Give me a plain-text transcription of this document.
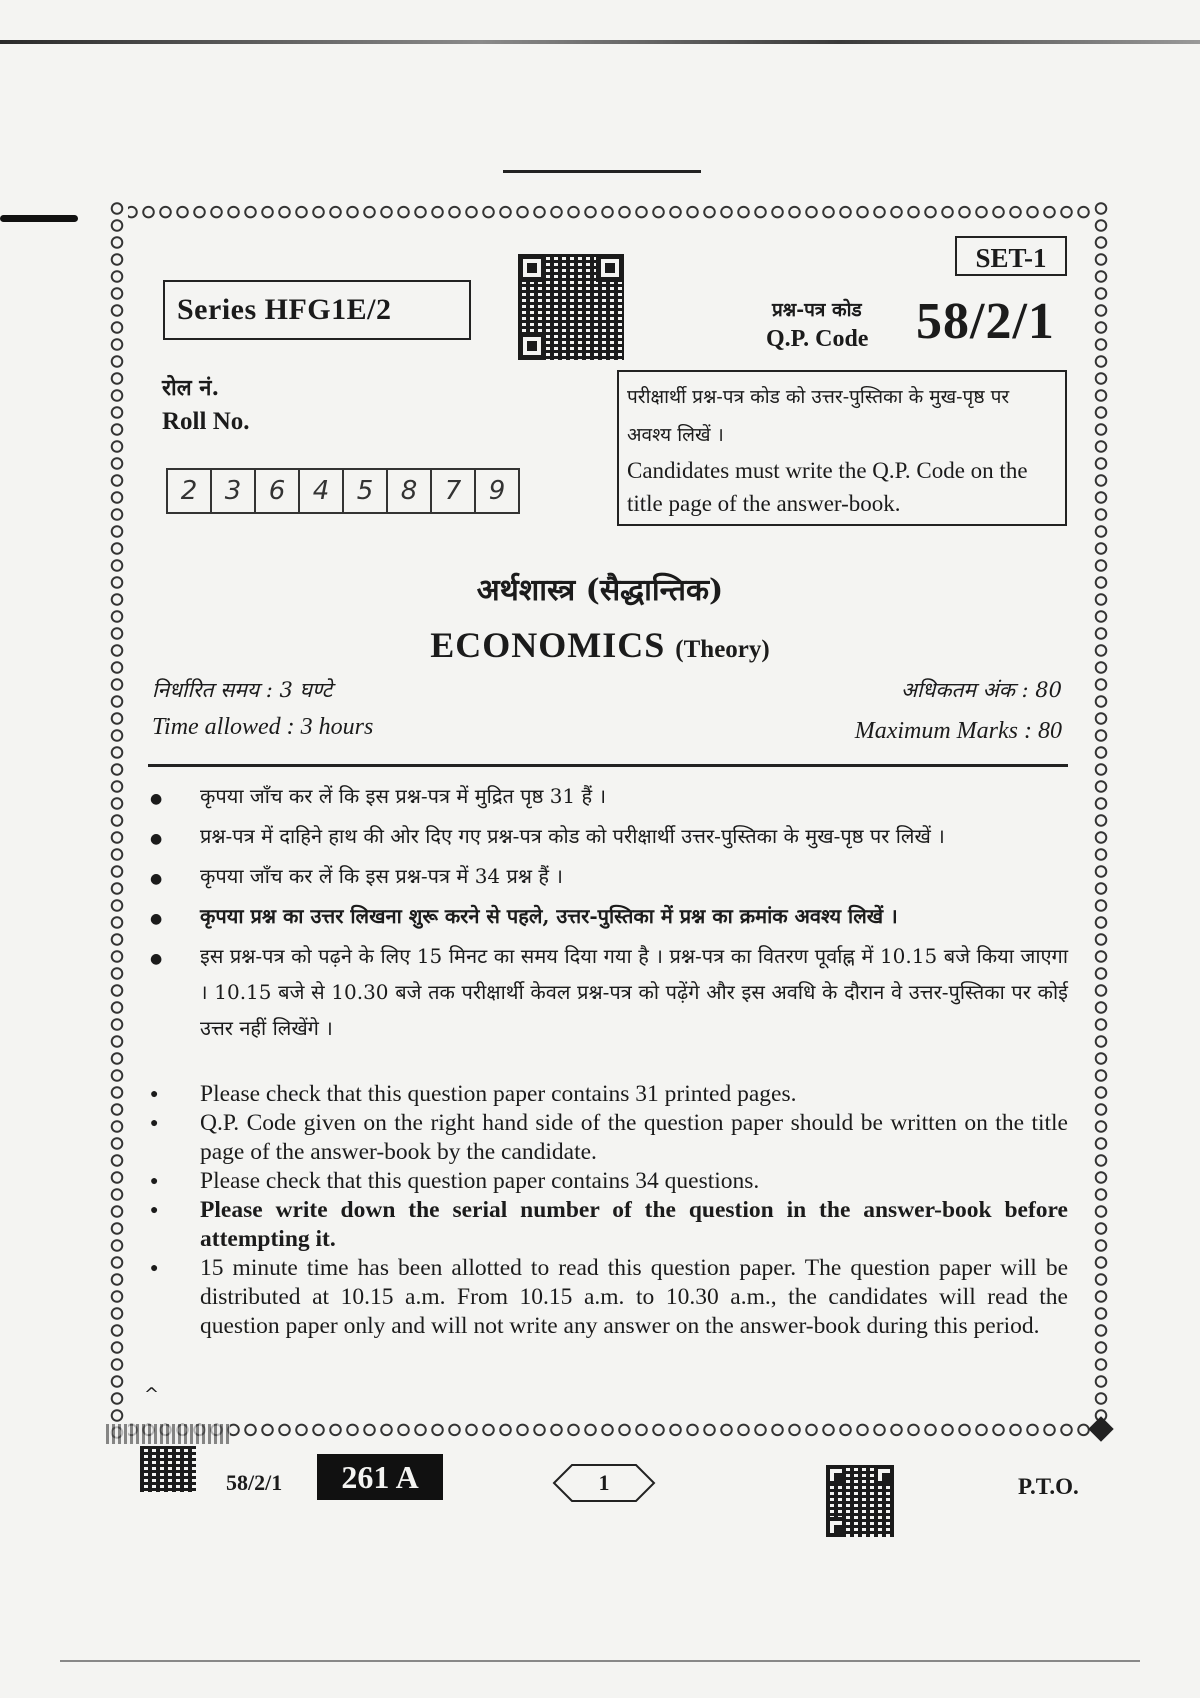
SET-1
Series HFG1E/2	प्रश्न-पत्र कोड
Q.P. Code 58/2/1
रोल नं.
Roll No.
2	3	6	4	5	8	7	9
परीक्षार्थी प्रश्न-पत्र कोड को उत्तर-पुस्तिका के मुख-पृष्ठ पर अवश्य लिखें ।
Candidates must write the Q.P. Code on the title page of the answer-book.
अर्थशास्त्र (सैद्धान्तिक)
ECONOMICS (Theory)
निर्धारित समय : 3 घण्टे
Time allowed : 3 hours
अधिकतम अंक : 80
Maximum Marks : 80
● कृपया जाँच कर लें कि इस प्रश्न-पत्र में मुद्रित पृष्ठ 31 हैं ।
● प्रश्न-पत्र में दाहिने हाथ की ओर दिए गए प्रश्न-पत्र कोड को परीक्षार्थी उत्तर-पुस्तिका के मुख-पृष्ठ पर लिखें ।
● कृपया जाँच कर लें कि इस प्रश्न-पत्र में 34 प्रश्न हैं ।
● कृपया प्रश्न का उत्तर लिखना शुरू करने से पहले, उत्तर-पुस्तिका में प्रश्न का क्रमांक अवश्य लिखें ।
● इस प्रश्न-पत्र को पढ़ने के लिए 15 मिनट का समय दिया गया है । प्रश्न-पत्र का वितरण पूर्वाह्न में 10.15 बजे किया जाएगा । 10.15 बजे से 10.30 बजे तक परीक्षार्थी केवल प्रश्न-पत्र को पढ़ेंगे और इस अवधि के दौरान वे उत्तर-पुस्तिका पर कोई उत्तर नहीं लिखेंगे ।
● Please check that this question paper contains 31 printed pages.
● Q.P. Code given on the right hand side of the question paper should be written on the title page of the answer-book by the candidate.
● Please check that this question paper contains 34 questions.
● Please write down the serial number of the question in the answer-book before attempting it.
● 15 minute time has been allotted to read this question paper. The question paper will be distributed at 10.15 a.m. From 10.15 a.m. to 10.30 a.m., the candidates will read the question paper only and will not write any answer on the answer-book during this period.
^
58/2/1	261 A	1	P.T.O.
